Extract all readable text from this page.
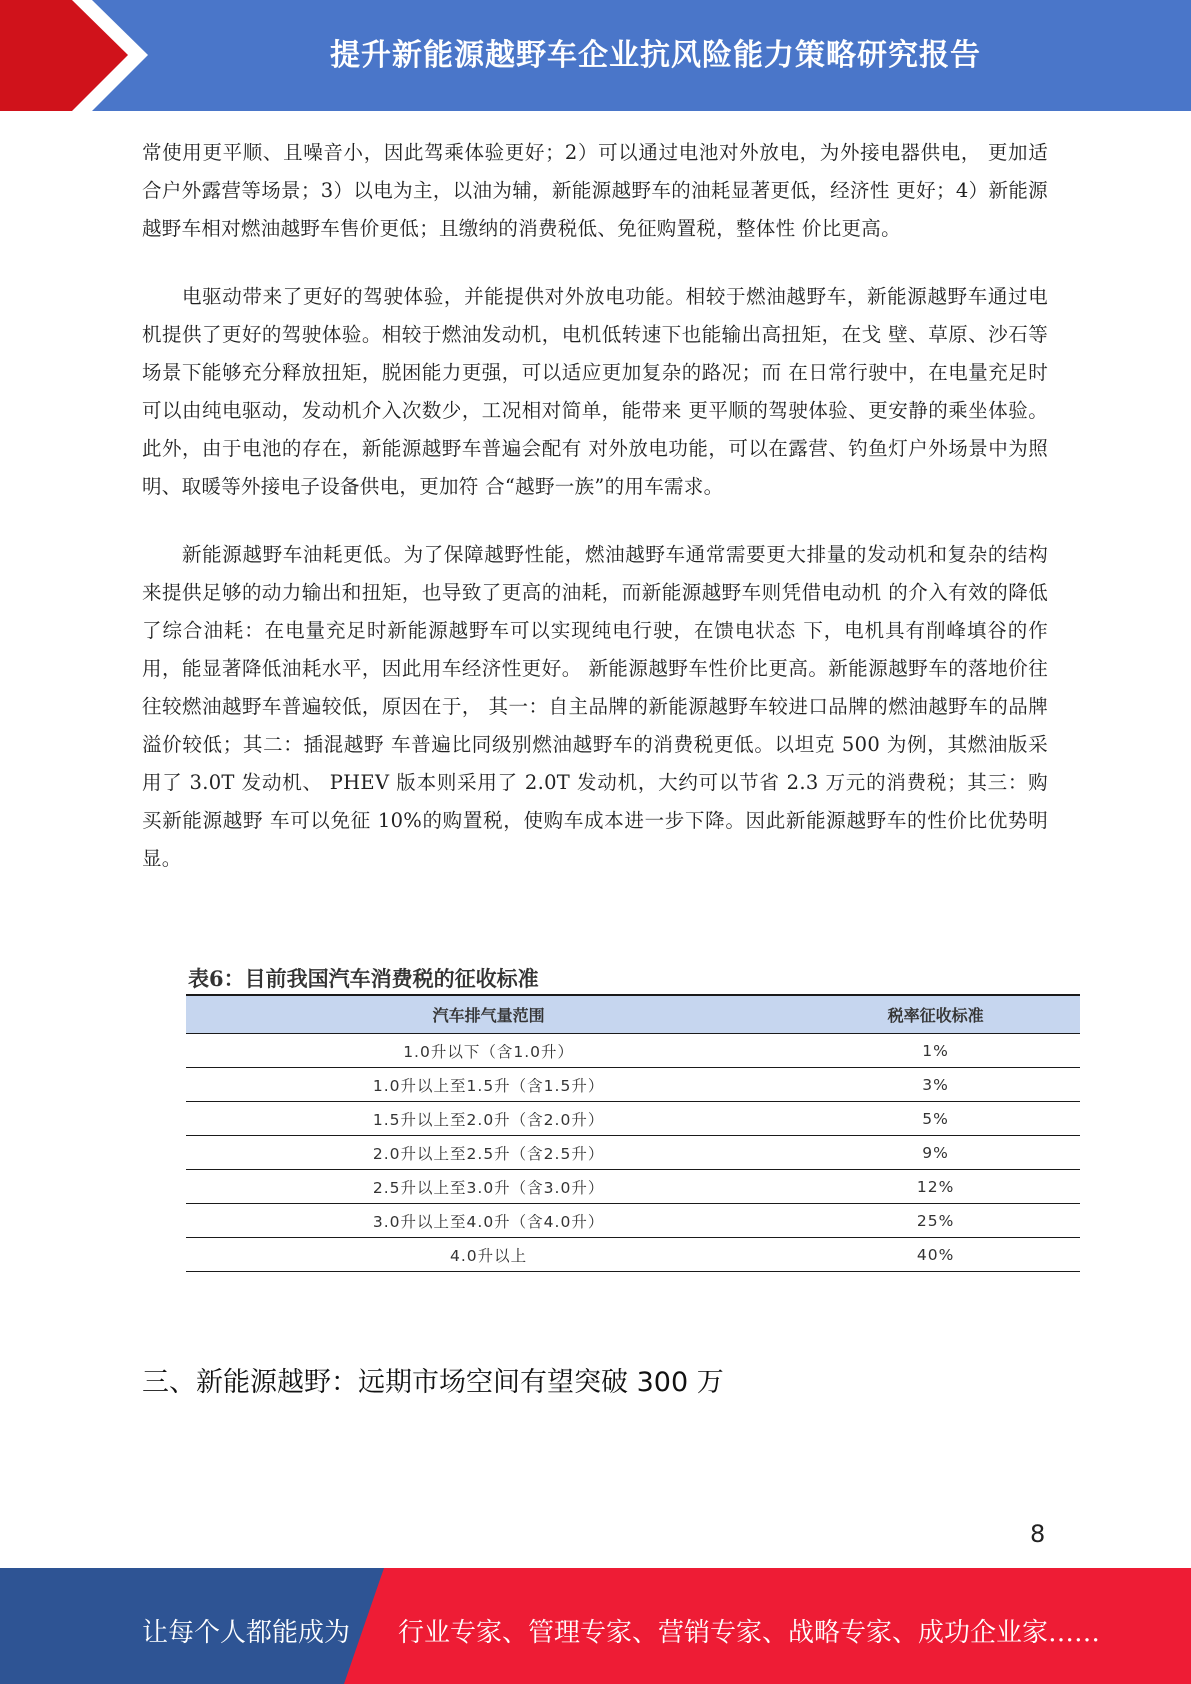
提升新能源越野车企业抗风险能力策略研究报告

常使用更平顺、且噪音小，因此驾乘体验更好；2）可以通过电池对外放电，为外接电器供电， 更加适合户外露营等场景；3）以电为主，以油为辅，新能源越野车的油耗显著更低，经济性 更好；4）新能源越野车相对燃油越野车售价更低；且缴纳的消费税低、免征购置税，整体性 价比更高。

电驱动带来了更好的驾驶体验，并能提供对外放电功能。相较于燃油越野车，新能源越野车通过电机提供了更好的驾驶体验。相较于燃油发动机，电机低转速下也能输出高扭矩，在戈 壁、草原、沙石等场景下能够充分释放扭矩，脱困能力更强，可以适应更加复杂的路况；而 在日常行驶中，在电量充足时可以由纯电驱动，发动机介入次数少，工况相对简单，能带来 更平顺的驾驶体验、更安静的乘坐体验。此外，由于电池的存在，新能源越野车普遍会配有 对外放电功能，可以在露营、钓鱼灯户外场景中为照明、取暖等外接电子设备供电，更加符 合“越野一族”的用车需求。

新能源越野车油耗更低。为了保障越野性能，燃油越野车通常需要更大排量的发动机和复杂的结构来提供足够的动力输出和扭矩，也导致了更高的油耗，而新能源越野车则凭借电动机 的介入有效的降低了综合油耗：在电量充足时新能源越野车可以实现纯电行驶，在馈电状态 下，电机具有削峰填谷的作用，能显著降低油耗水平，因此用车经济性更好。 新能源越野车性价比更高。新能源越野车的落地价往往较燃油越野车普遍较低，原因在于， 其一：自主品牌的新能源越野车较进口品牌的燃油越野车的品牌溢价较低；其二：插混越野 车普遍比同级别燃油越野车的消费税更低。以坦克 500 为例，其燃油版采用了 3.0T 发动机、 PHEV 版本则采用了 2.0T 发动机，大约可以节省 2.3 万元的消费税；其三：购买新能源越野 车可以免征 10%的购置税，使购车成本进一步下降。因此新能源越野车的性价比优势明显。

表6：目前我国汽车消费税的征收标准
汽车排气量范围	税率征收标准
1.0升以下（含1.0升）	1%
1.0升以上至1.5升（含1.5升）	3%
1.5升以上至2.0升（含2.0升）	5%
2.0升以上至2.5升（含2.5升）	9%
2.5升以上至3.0升（含3.0升）	12%
3.0升以上至4.0升（含4.0升）	25%
4.0升以上	40%
三、新能源越野：远期市场空间有望突破 300 万
8
让每个人都能成为 行业专家、管理专家、营销专家、战略专家、成功企业家……
